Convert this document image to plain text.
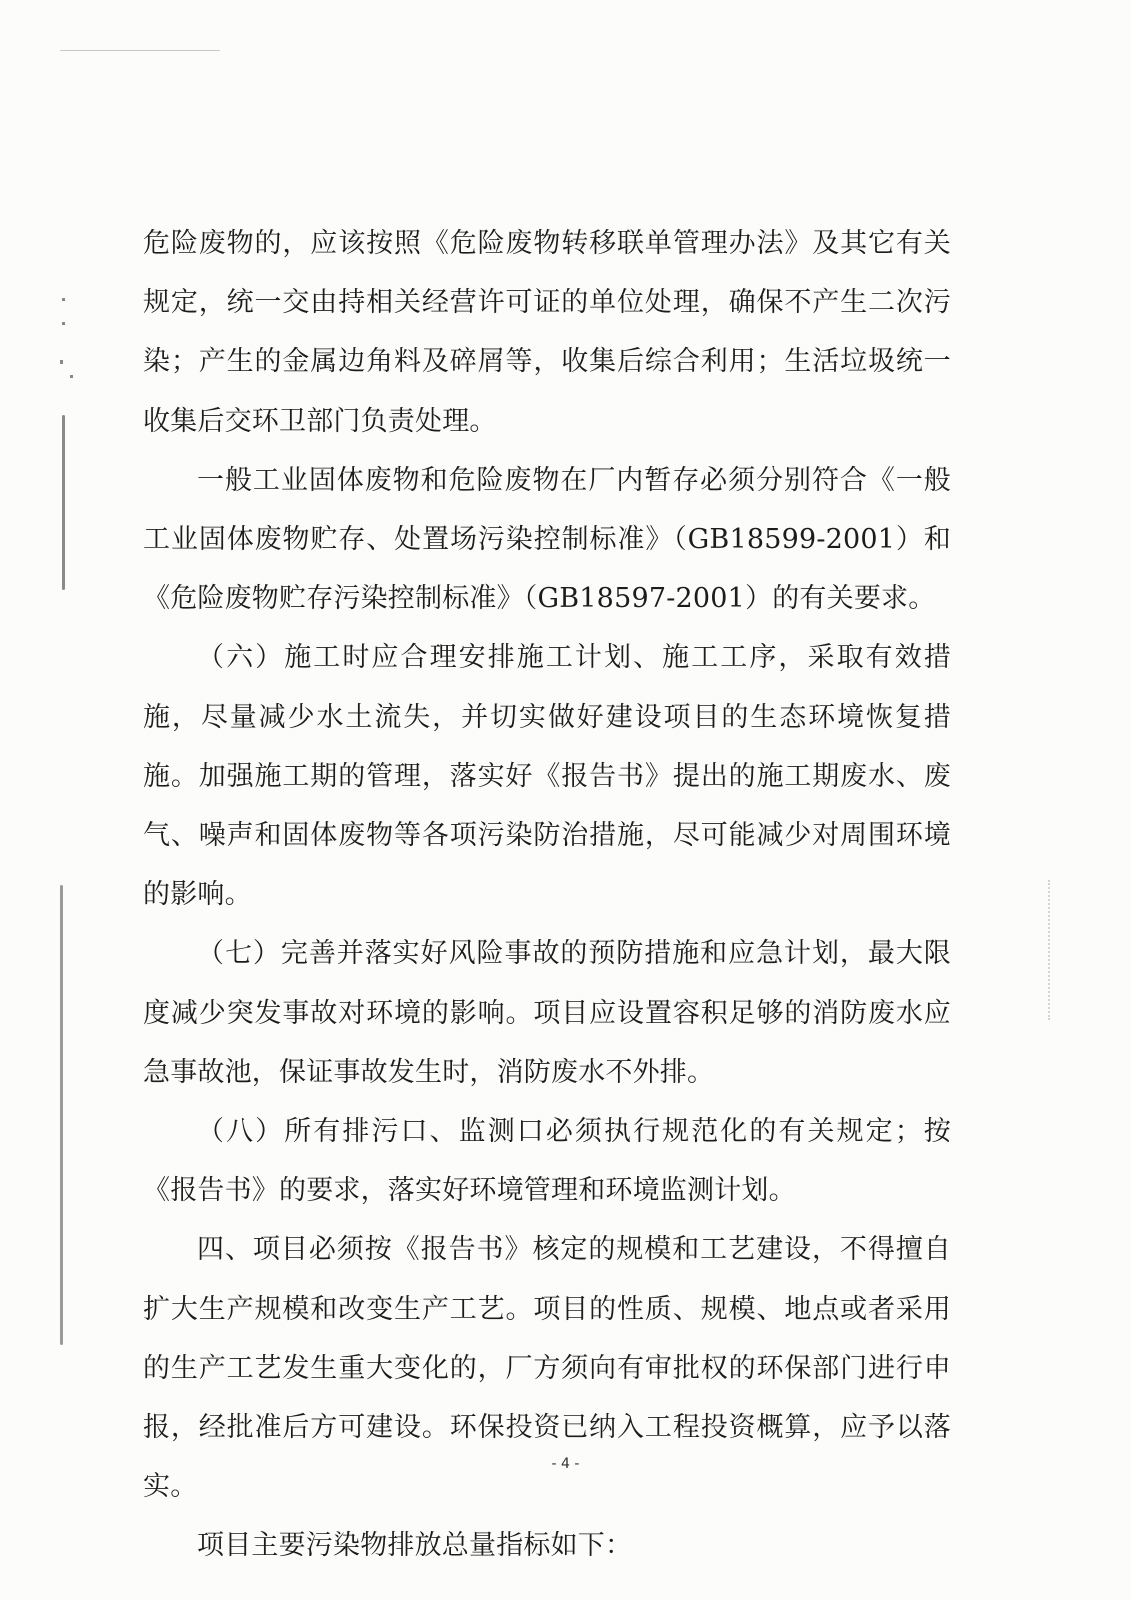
危险废物的，应该按照《危险废物转移联单管理办法》及其它有关规定，统一交由持相关经营许可证的单位处理，确保不产生二次污染；产生的金属边角料及碎屑等，收集后综合利用；生活垃圾统一收集后交环卫部门负责处理。

一般工业固体废物和危险废物在厂内暂存必须分别符合《一般工业固体废物贮存、处置场污染控制标准》（GB18599-2001）和《危险废物贮存污染控制标准》（GB18597-2001）的有关要求。

（六）施工时应合理安排施工计划、施工工序，采取有效措施，尽量减少水土流失，并切实做好建设项目的生态环境恢复措施。加强施工期的管理，落实好《报告书》提出的施工期废水、废气、噪声和固体废物等各项污染防治措施，尽可能减少对周围环境的影响。

（七）完善并落实好风险事故的预防措施和应急计划，最大限度减少突发事故对环境的影响。项目应设置容积足够的消防废水应急事故池，保证事故发生时，消防废水不外排。

（八）所有排污口、监测口必须执行规范化的有关规定；按《报告书》的要求，落实好环境管理和环境监测计划。

四、项目必须按《报告书》核定的规模和工艺建设，不得擅自扩大生产规模和改变生产工艺。项目的性质、规模、地点或者采用的生产工艺发生重大变化的，厂方须向有审批权的环保部门进行申报，经批准后方可建设。环保投资已纳入工程投资概算，应予以落实。

项目主要污染物排放总量指标如下：

- 4 -
